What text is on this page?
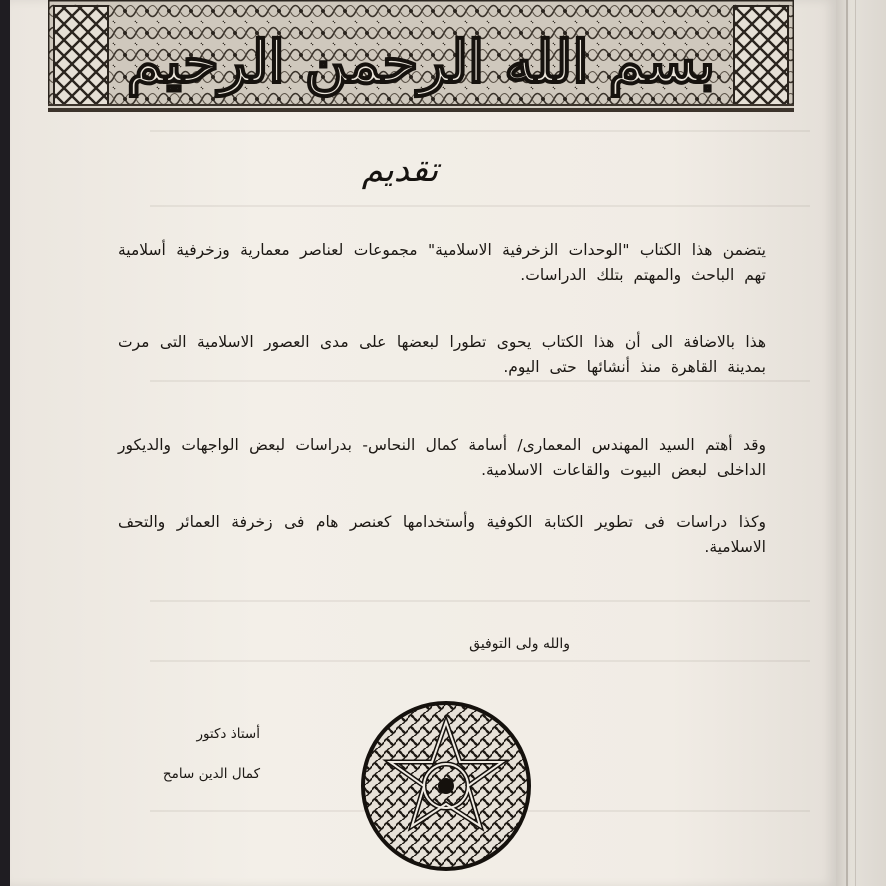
بسم الله الرحمن الرحيم
تقديم
يتضمن هذا الكتاب "الوحدات الزخرفية الاسلامية" مجموعات لعناصر معمارية وزخرفية أسلامية تهم الباحث والمهتم بتلك الدراسات.
هذا بالاضافة الى أن هذا الكتاب يحوى تطورا لبعضها على مدى العصور الاسلامية التى مرت بمدينة القاهرة منذ أنشائها حتى اليوم.
وقد أهتم السيد المهندس المعمارى/ أسامة كمال النحاس- بدراسات لبعض الواجهات والديكور الداخلى لبعض البيوت والقاعات الاسلامية.
وكذا دراسات فى تطوير الكتابة الكوفية وأستخدامها كعنصر هام فى زخرفة العمائر والتحف الاسلامية.
والله ولى التوفيق
أستاذ دكتور
كمال الدين سامح
